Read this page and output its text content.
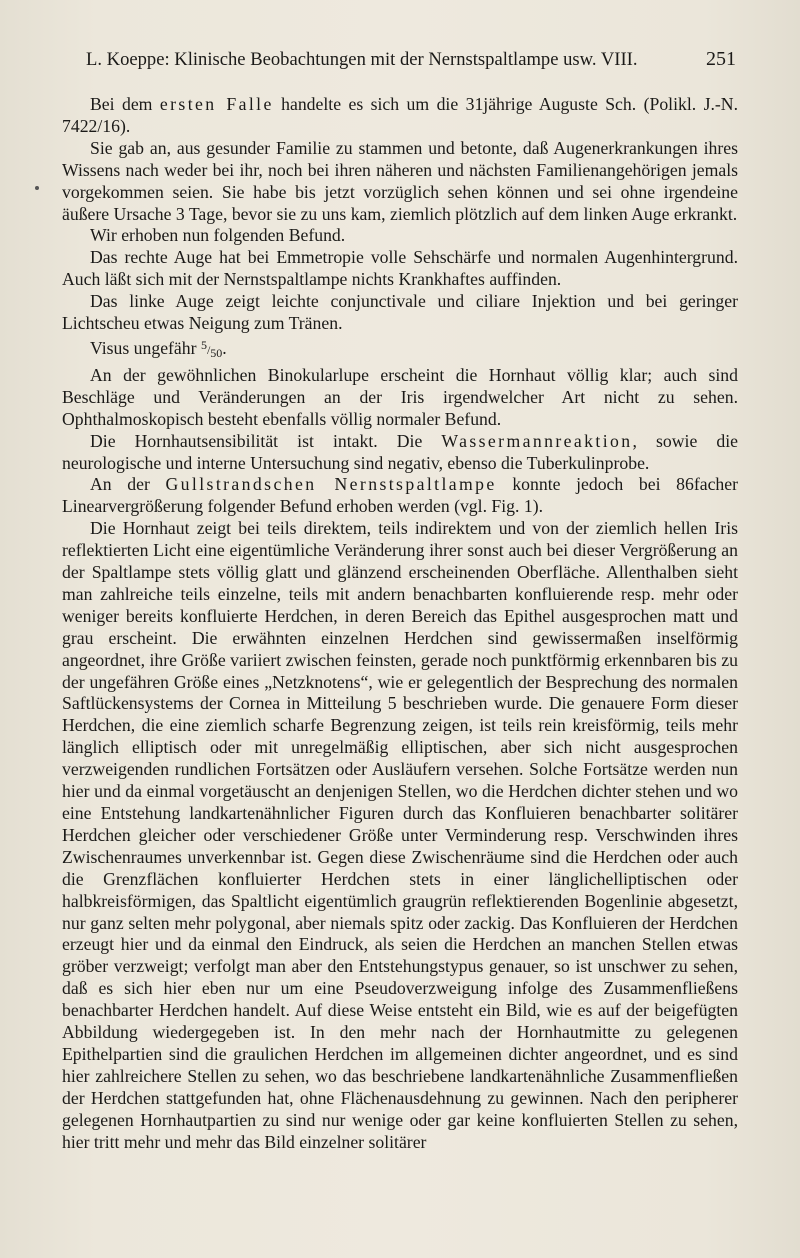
L. Koeppe: Klinische Beobachtungen mit der Nernstspaltlampe usw. VIII.	251

Bei dem ersten Falle handelte es sich um die 31jährige Auguste Sch. (Polikl. J.-N. 7422/16).

Sie gab an, aus gesunder Familie zu stammen und betonte, daß Augenerkrankungen ihres Wissens nach weder bei ihr, noch bei ihren näheren und nächsten Familienangehörigen jemals vorgekommen seien. Sie habe bis jetzt vorzüglich sehen können und sei ohne irgendeine äußere Ursache 3 Tage, bevor sie zu uns kam, ziemlich plötzlich auf dem linken Auge erkrankt.

Wir erhoben nun folgenden Befund.

Das rechte Auge hat bei Emmetropie volle Sehschärfe und normalen Augenhintergrund. Auch läßt sich mit der Nernstspaltlampe nichts Krankhaftes auffinden.

Das linke Auge zeigt leichte conjunctivale und ciliare Injektion und bei geringer Lichtscheu etwas Neigung zum Tränen.

Visus ungefähr $^5/_{50}$.

An der gewöhnlichen Binokularlupe erscheint die Hornhaut völlig klar; auch sind Beschläge und Veränderungen an der Iris irgendwelcher Art nicht zu sehen. Ophthalmoskopisch besteht ebenfalls völlig normaler Befund.

Die Hornhautsensibilität ist intakt. Die Wassermannreaktion, sowie die neurologische und interne Untersuchung sind negativ, ebenso die Tuberkulinprobe.

An der Gullstrandschen Nernstspaltlampe konnte jedoch bei 86facher Linearvergrößerung folgender Befund erhoben werden (vgl. Fig. 1).

Die Hornhaut zeigt bei teils direktem, teils indirektem und von der ziemlich hellen Iris reflektierten Licht eine eigentümliche Veränderung ihrer sonst auch bei dieser Vergrößerung an der Spaltlampe stets völlig glatt und glänzend erscheinenden Oberfläche. Allenthalben sieht man zahlreiche teils einzelne, teils mit andern benachbarten konfluierende resp. mehr oder weniger bereits konfluierte Herdchen, in deren Bereich das Epithel ausgesprochen matt und grau erscheint. Die erwähnten einzelnen Herdchen sind gewissermaßen inselförmig angeordnet, ihre Größe variiert zwischen feinsten, gerade noch punktförmig erkennbaren bis zu der ungefähren Größe eines „Netzknotens“, wie er gelegentlich der Besprechung des normalen Saftlückensystems der Cornea in Mitteilung 5 beschrieben wurde. Die genauere Form dieser Herdchen, die eine ziemlich scharfe Begrenzung zeigen, ist teils rein kreisförmig, teils mehr länglich elliptisch oder mit unregelmäßig elliptischen, aber sich nicht ausgesprochen verzweigenden rundlichen Fortsätzen oder Ausläufern versehen. Solche Fortsätze werden nun hier und da einmal vorgetäuscht an denjenigen Stellen, wo die Herdchen dichter stehen und wo eine Entstehung landkartenähnlicher Figuren durch das Konfluieren benachbarter solitärer Herdchen gleicher oder verschiedener Größe unter Verminderung resp. Verschwinden ihres Zwischenraumes unverkennbar ist. Gegen diese Zwischenräume sind die Herdchen oder auch die Grenzflächen konfluierter Herdchen stets in einer länglichelliptischen oder halbkreisförmigen, das Spaltlicht eigentümlich graugrün reflektierenden Bogenlinie abgesetzt, nur ganz selten mehr polygonal, aber niemals spitz oder zackig. Das Konfluieren der Herdchen erzeugt hier und da einmal den Eindruck, als seien die Herdchen an manchen Stellen etwas gröber verzweigt; verfolgt man aber den Entstehungstypus genauer, so ist unschwer zu sehen, daß es sich hier eben nur um eine Pseudoverzweigung infolge des Zusammenfließens benachbarter Herdchen handelt. Auf diese Weise entsteht ein Bild, wie es auf der beigefügten Abbildung wiedergegeben ist. In den mehr nach der Hornhautmitte zu gelegenen Epithelpartien sind die graulichen Herdchen im allgemeinen dichter angeordnet, und es sind hier zahlreichere Stellen zu sehen, wo das beschriebene landkartenähnliche Zusammenfließen der Herdchen stattgefunden hat, ohne Flächenausdehnung zu gewinnen. Nach den peripherer gelegenen Hornhautpartien zu sind nur wenige oder gar keine konfluierten Stellen zu sehen, hier tritt mehr und mehr das Bild einzelner solitärer
